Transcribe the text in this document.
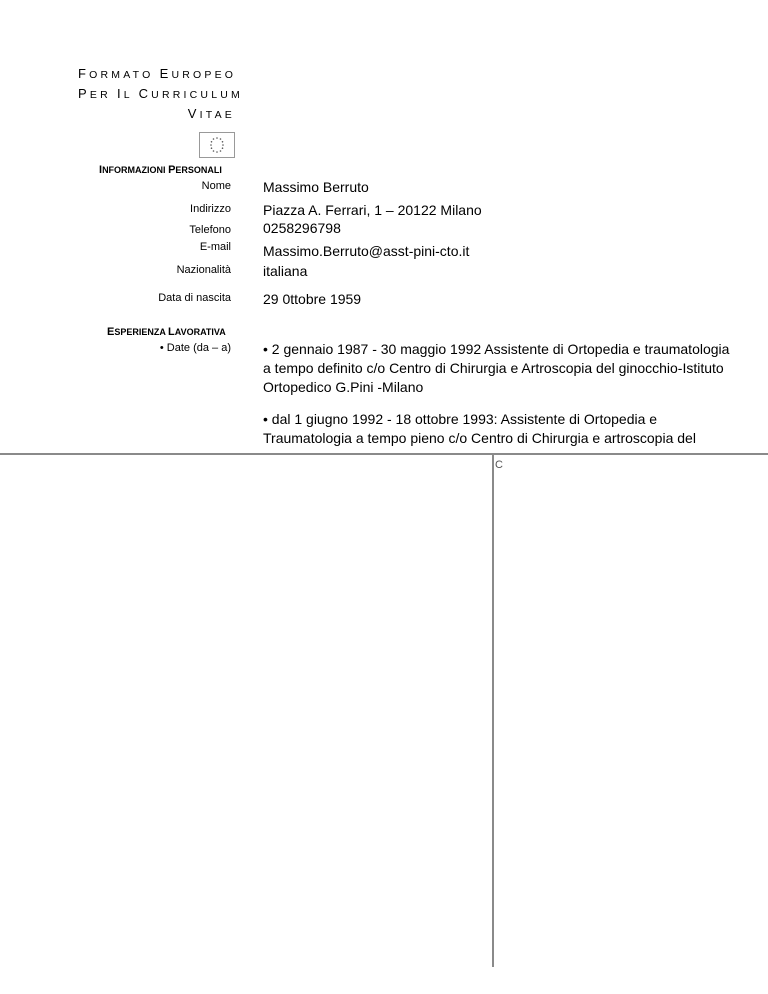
FORMATO EUROPEO
PER IL CURRICULUM
VITAE
INFORMAZIONI PERSONALI
Nome Massimo Berruto
Indirizzo Piazza A. Ferrari, 1 – 20122 Milano
Telefono 0258296798
E-mail Massimo.Berruto@asst-pini-cto.it
Nazionalità italiana
Data di nascita 29 0ttobre 1959
ESPERIENZA LAVORATIVA
• Date (da – a) • 2 gennaio 1987 - 30 maggio 1992 Assistente di Ortopedia e traumatologia a tempo definito c/o Centro di Chirurgia e Artroscopia del ginocchio-Istituto Ortopedico G.Pini -Milano
• dal 1 giugno 1992 - 18 ottobre 1993: Assistente di Ortopedia e Traumatologia a tempo pieno c/o Centro di Chirurgia e artroscopia del
C
